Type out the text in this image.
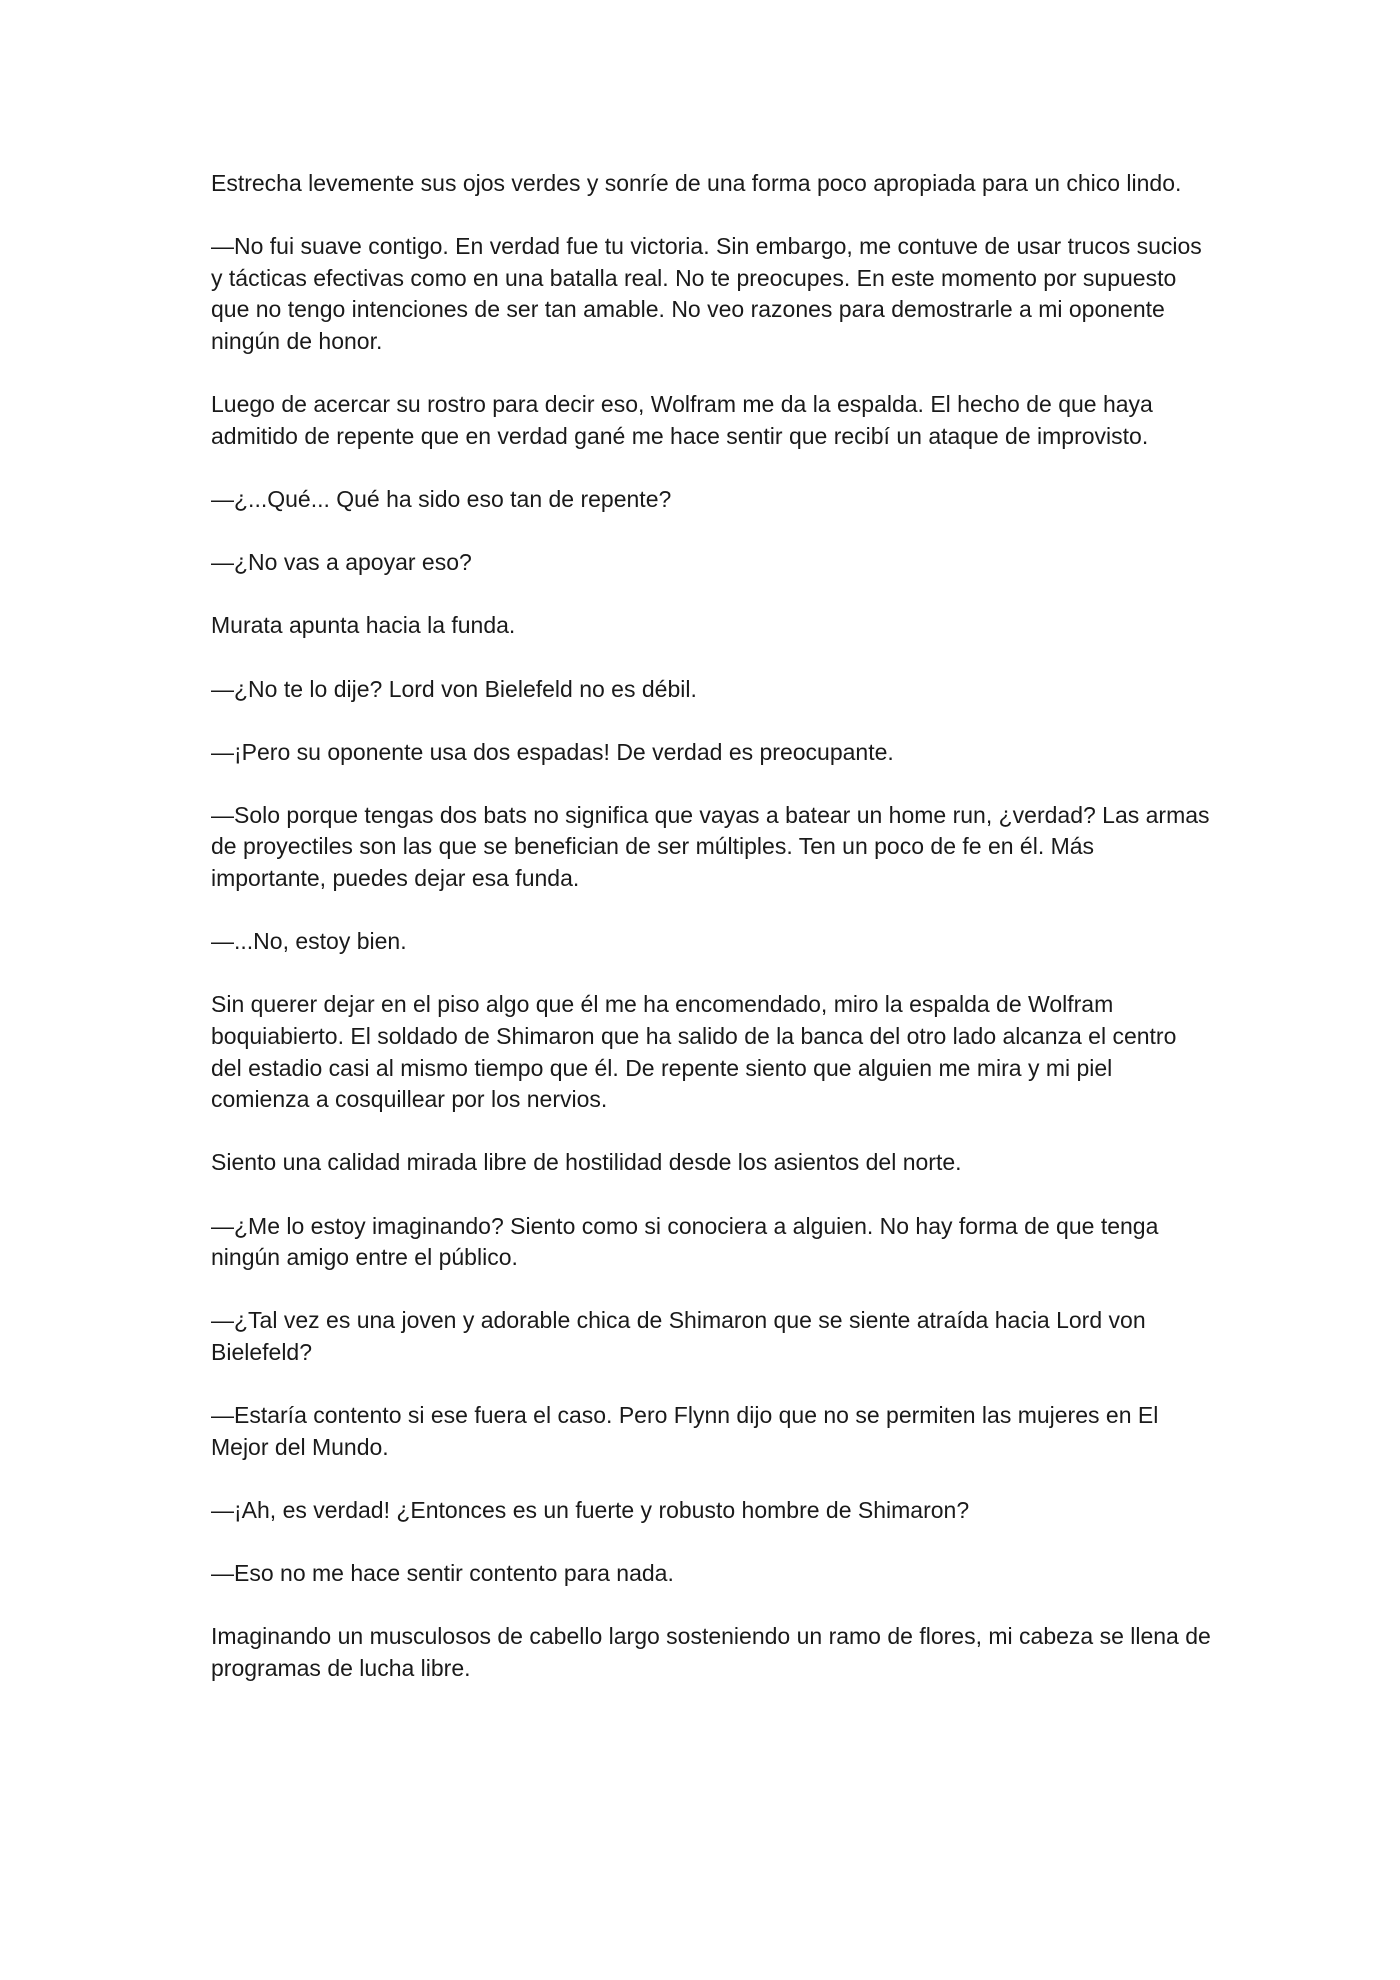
Estrecha levemente sus ojos verdes y sonríe de una forma poco apropiada para un chico lindo.

—No fui suave contigo. En verdad fue tu victoria. Sin embargo, me contuve de usar trucos sucios y tácticas efectivas como en una batalla real. No te preocupes. En este momento por supuesto que no tengo intenciones de ser tan amable. No veo razones para demostrarle a mi oponente ningún de honor.

Luego de acercar su rostro para decir eso, Wolfram me da la espalda. El hecho de que haya admitido de repente que en verdad gané me hace sentir que recibí un ataque de improvisto.

—¿...Qué... Qué ha sido eso tan de repente?

—¿No vas a apoyar eso?

Murata apunta hacia la funda.

—¿No te lo dije? Lord von Bielefeld no es débil.

—¡Pero su oponente usa dos espadas! De verdad es preocupante.

—Solo porque tengas dos bats no significa que vayas a batear un home run, ¿verdad? Las armas de proyectiles son las que se benefician de ser múltiples. Ten un poco de fe en él. Más importante, puedes dejar esa funda.

—...No, estoy bien.

Sin querer dejar en el piso algo que él me ha encomendado, miro la espalda de Wolfram boquiabierto. El soldado de Shimaron que ha salido de la banca del otro lado alcanza el centro del estadio casi al mismo tiempo que él. De repente siento que alguien me mira y mi piel comienza a cosquillear por los nervios.

Siento una calidad mirada libre de hostilidad desde los asientos del norte.

—¿Me lo estoy imaginando? Siento como si conociera a alguien. No hay forma de que tenga ningún amigo entre el público.

—¿Tal vez es una joven y adorable chica de Shimaron que se siente atraída hacia Lord von Bielefeld?

—Estaría contento si ese fuera el caso. Pero Flynn dijo que no se permiten las mujeres en El Mejor del Mundo.

—¡Ah, es verdad! ¿Entonces es un fuerte y robusto hombre de Shimaron?

—Eso no me hace sentir contento para nada.

Imaginando un musculosos de cabello largo sosteniendo un ramo de flores, mi cabeza se llena de programas de lucha libre.
